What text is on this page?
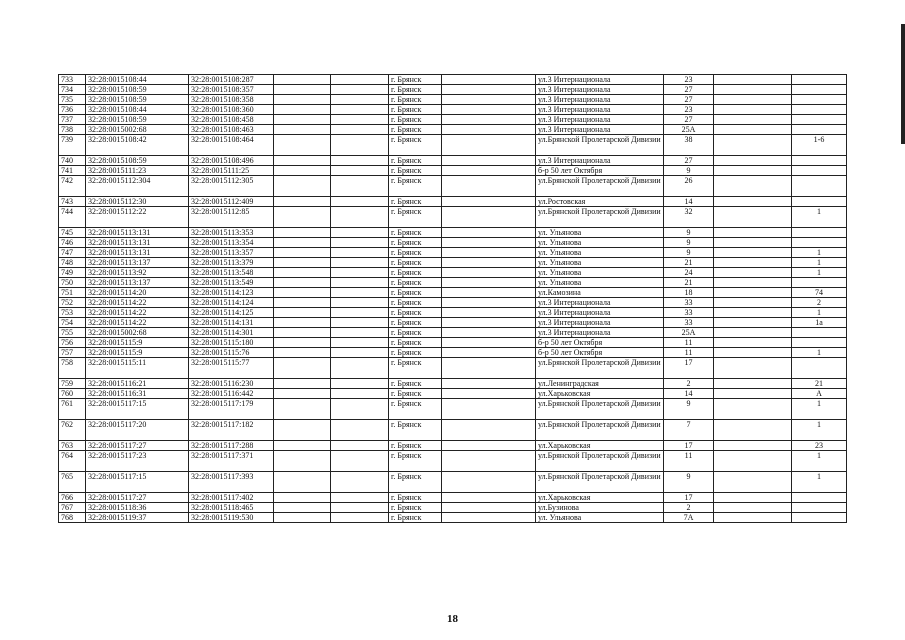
733	32:28:0015108:44	32:28:0015108:287			г. Брянск		ул.3 Интернационала	23		
734	32:28:0015108:59	32:28:0015108:357			г. Брянск		ул.3 Интернационала	27		
735	32:28:0015108:59	32:28:0015108:358			г. Брянск		ул.3 Интернационала	27		
736	32:28:0015108:44	32:28:0015108:360			г. Брянск		ул.3 Интернационала	23		
737	32:28:0015108:59	32:28:0015108:458			г. Брянск		ул.3 Интернационала	27		
738	32:28:0015002:68	32:28:0015108:463			г. Брянск		ул.3 Интернационала	25А		
739	32:28:0015108:42	32:28:0015108:464			г. Брянск		ул.Брянской Пролетарской Дивизии	38		1-6
740	32:28:0015108:59	32:28:0015108:496			г. Брянск		ул.3 Интернационала	27		
741	32:28:0015111:23	32:28:0015111:25			г. Брянск		б-р 50 лет Октября	9		
742	32:28:0015112:304	32:28:0015112:305			г. Брянск		ул.Брянской Пролетарской Дивизии	26		
743	32:28:0015112:30	32:28:0015112:409			г. Брянск		ул.Ростовская	14		
744	32:28:0015112:22	32:28:0015112:85			г. Брянск		ул.Брянской Пролетарской Дивизии	32		1
745	32:28:0015113:131	32:28:0015113:353			г. Брянск		ул. Ульянова	9		
746	32:28:0015113:131	32:28:0015113:354			г. Брянск		ул. Ульянова	9		
747	32:28:0015113:131	32:28:0015113:357			г. Брянск		ул. Ульянова	9		1
748	32:28:0015113:137	32:28:0015113:379			г. Брянск		ул. Ульянова	21		1
749	32:28:0015113:92	32:28:0015113:548			г. Брянск		ул. Ульянова	24		1
750	32:28:0015113:137	32:28:0015113:549			г. Брянск		ул. Ульянова	21		
751	32:28:0015114:20	32:28:0015114:123			г. Брянск		ул.Камозина	18		74
752	32:28:0015114:22	32:28:0015114:124			г. Брянск		ул.3 Интернационала	33		2
753	32:28:0015114:22	32:28:0015114:125			г. Брянск		ул.3 Интернационала	33		1
754	32:28:0015114:22	32:28:0015114:131			г. Брянск		ул.3 Интернационала	33		1а
755	32:28:0015002:68	32:28:0015114:301			г. Брянск		ул.3 Интернационала	25А		
756	32:28:0015115:9	32:28:0015115:180			г. Брянск		б-р 50 лет Октября	11		
757	32:28:0015115:9	32:28:0015115:76			г. Брянск		б-р 50 лет Октября	11		1
758	32:28:0015115:11	32:28:0015115:77			г. Брянск		ул.Брянской Пролетарской Дивизии	17		
759	32:28:0015116:21	32:28:0015116:230			г. Брянск		ул.Ленинградская	2		21
760	32:28:0015116:31	32:28:0015116:442			г. Брянск		ул.Харьковская	14		А
761	32:28:0015117:15	32:28:0015117:179			г. Брянск		ул.Брянской Пролетарской Дивизии	9		1
762	32:28:0015117:20	32:28:0015117:182			г. Брянск		ул.Брянской Пролетарской Дивизии	7		1
763	32:28:0015117:27	32:28:0015117:288			г. Брянск		ул.Харьковская	17		23
764	32:28:0015117:23	32:28:0015117:371			г. Брянск		ул.Брянской Пролетарской Дивизии	11		1
765	32:28:0015117:15	32:28:0015117:393			г. Брянск		ул.Брянской Пролетарской Дивизии	9		1
766	32:28:0015117:27	32:28:0015117:402			г. Брянск		ул.Харьковская	17		
767	32:28:0015118:36	32:28:0015118:465			г. Брянск		ул.Бузинова	2		
768	32:28:0015119:37	32:28:0015119:530			г. Брянск		ул. Ульянова	7А		
18
